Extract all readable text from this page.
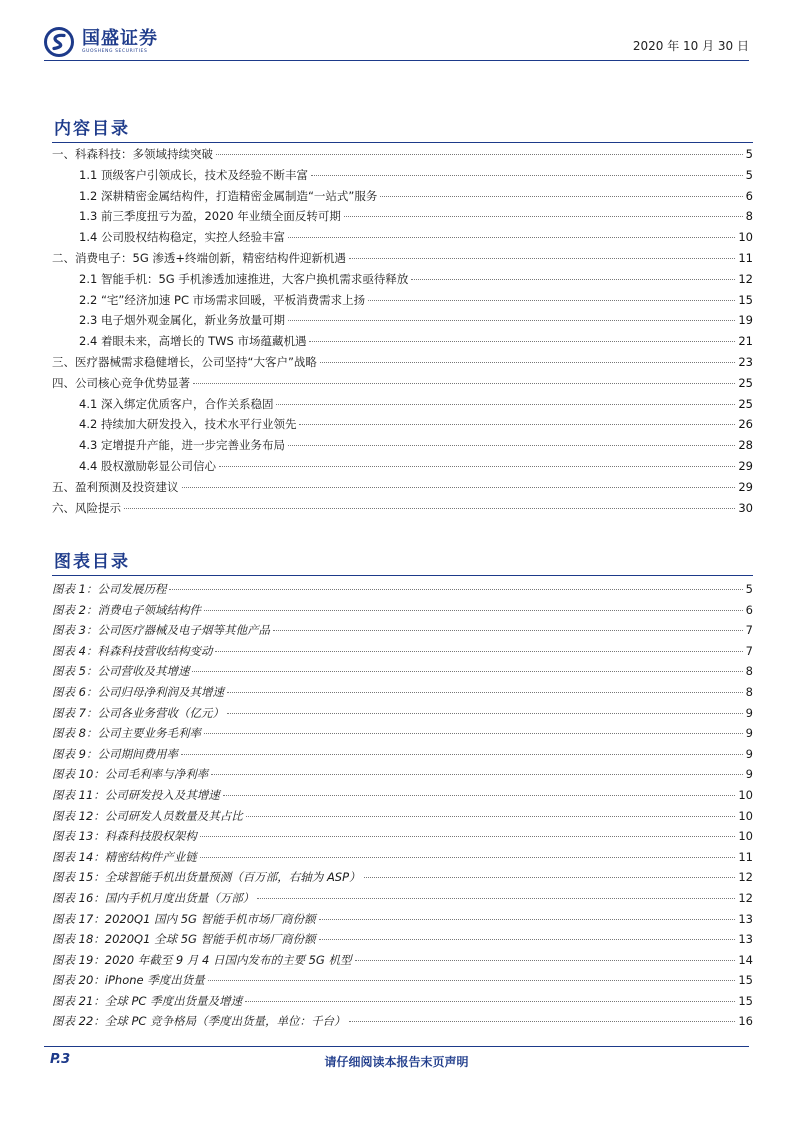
国盛证券
GUOSHENG SECURITIES	2020 年 10 月 30 日
内容目录
一、科森科技：多领域持续突破	5
1.1 顶级客户引领成长，技术及经验不断丰富	5
1.2 深耕精密金属结构件，打造精密金属制造“一站式”服务	6
1.3 前三季度扭亏为盈，2020 年业绩全面反转可期	8
1.4 公司股权结构稳定，实控人经验丰富	10
二、消费电子：5G 渗透+终端创新，精密结构件迎新机遇	11
2.1 智能手机：5G 手机渗透加速推进，大客户换机需求亟待释放	12
2.2 “宅”经济加速 PC 市场需求回暖，平板消费需求上扬	15
2.3 电子烟外观金属化，新业务放量可期	19
2.4 着眼未来，高增长的 TWS 市场蕴藏机遇	21
三、医疗器械需求稳健增长，公司坚持“大客户”战略	23
四、公司核心竞争优势显著	25
4.1 深入绑定优质客户，合作关系稳固	25
4.2 持续加大研发投入，技术水平行业领先	26
4.3 定增提升产能，进一步完善业务布局	28
4.4 股权激励彰显公司信心	29
五、盈利预测及投资建议	29
六、风险提示	30
图表目录
图表 1：公司发展历程	5
图表 2：消费电子领域结构件	6
图表 3：公司医疗器械及电子烟等其他产品	7
图表 4：科森科技营收结构变动	7
图表 5：公司营收及其增速	8
图表 6：公司归母净利润及其增速	8
图表 7：公司各业务营收（亿元）	9
图表 8：公司主要业务毛利率	9
图表 9：公司期间费用率	9
图表 10：公司毛利率与净利率	9
图表 11：公司研发投入及其增速	10
图表 12：公司研发人员数量及其占比	10
图表 13：科森科技股权架构	10
图表 14：精密结构件产业链	11
图表 15：全球智能手机出货量预测（百万部，右轴为 ASP）	12
图表 16：国内手机月度出货量（万部）	12
图表 17：2020Q1 国内 5G 智能手机市场厂商份额	13
图表 18：2020Q1 全球 5G 智能手机市场厂商份额	13
图表 19：2020 年截至 9 月 4 日国内发布的主要 5G 机型	14
图表 20：iPhone 季度出货量	15
图表 21：全球 PC 季度出货量及增速	15
图表 22：全球 PC 竞争格局（季度出货量，单位：千台）	16
P.3	请仔细阅读本报告末页声明
